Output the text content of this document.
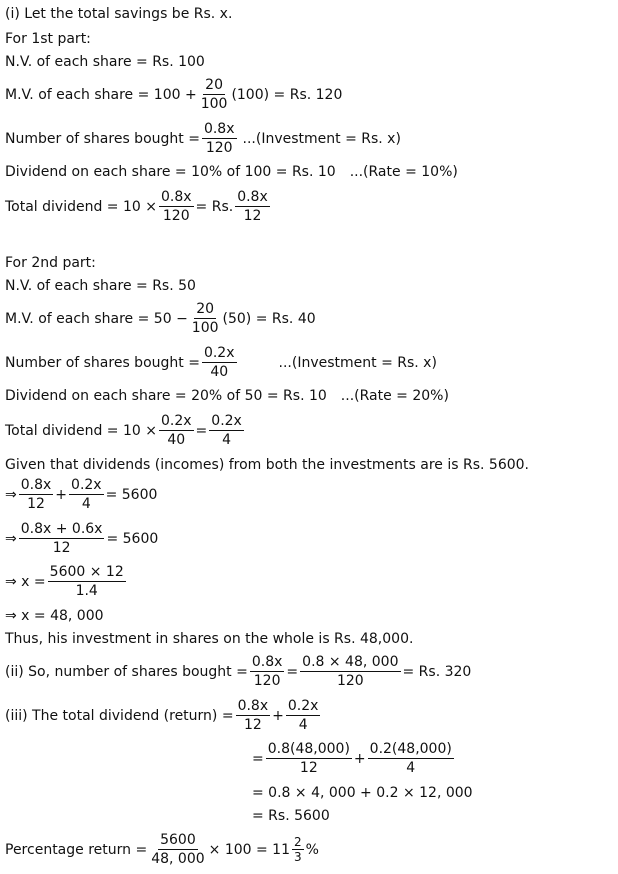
(i) Let the total savings be Rs. x.
For 1st part:
N.V. of each share = Rs. 100
M.V. of each share = $100 + \frac{20}{100} (100) = Rs$. 120
Number of shares bought = $\frac{0.8x}{120}$ ...(Investment = Rs. x)
Dividend on each share = 10% of 100 = Rs. 10 ...(Rate = 10%)
Total dividend = $10 \times \frac{0.8x}{120} = Rs$. $\frac{0.8x}{12}$
For 2nd part:
N.V. of each share = Rs. 50
M.V. of each share = $50 - \frac{20}{100} (50) = Rs$. 40
Number of shares bought = $\frac{0.2x}{40}$	...(Investment = Rs. x)
Dividend on each share = 20% of 50 = Rs. 10 ...(Rate = 20%)
Total dividend = $10 \times \frac{0.2x}{40} = \frac{0.2x}{4}$
Given that dividends (incomes) from both the investments are is Rs. 5600.
⇒ $\frac{0.8x}{12} + \frac{0.2x}{4} = 5600$
⇒ $\frac{0.8x + 0.6x}{12} = 5600$
⇒ $x = \frac{5600 \times 12}{1.4}$
⇒ x = 48, 000
Thus, his investment in shares on the whole is Rs. 48,000.
(ii) So, number of shares bought = $\frac{0.8x}{120} = \frac{0.8 \times 48, 000}{120} = Rs$. 320
(iii) The total dividend (return) = $\frac{0.8x}{12} + \frac{0.2x}{4}$
= $\frac{0.8(48,000)}{12} + \frac{0.2(48,000)}{4}$
= 0.8 × 4, 000 + 0.2 × 12, 000
= Rs. 5600
Percentage return = $\frac{5600}{48, 000} \times 100 = 11 \frac{2}{3}$ %
